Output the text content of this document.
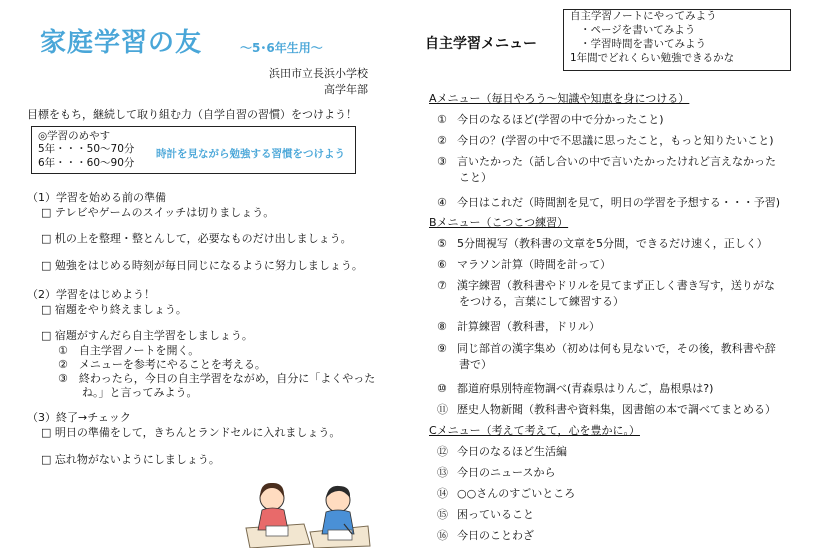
家庭学習の友	～5･6年生用～
浜田市立長浜小学校
高学年部
目標をもち，継続して取り組む力（自学自習の習慣）をつけよう！
◎学習のめやす
5年・・・50～70分
6年・・・60～90分
時計を見ながら勉強する習慣をつけよう
（1）学習を始める前の準備
□ テレビやゲームのスイッチは切りましょう。
□ 机の上を整理・整とんして，必要なものだけ出しましょう。
□ 勉強をはじめる時刻が毎日同じになるように努力しましょう。
（2）学習をはじめよう！
□ 宿題をやり終えましょう。
□ 宿題がすんだら自主学習をしましょう。
①　自主学習ノートを開く。
②　メニューを参考にやることを考える。
③　終わったら，今日の自主学習をながめ，自分に「よくやった
ね。」と言ってみよう。
（3）終了→チェック
□ 明日の準備をして，きちんとランドセルに入れましょう。
□ 忘れ物がないようにしましょう。
自主学習メニュー
自主学習ノートにやってみよう
・ページを書いてみよう
・学習時間を書いてみよう
1年間でどれくらい勉強できるかな
Aメニュー（毎日やろう～知識や知恵を身につける）
① 今日のなるほど(学習の中で分かったこと)
② 今日の？(学習の中で不思議に思ったこと，もっと知りたいこと)
③ 言いたかった（話し合いの中で言いたかったけれど言えなかった
こと）
④ 今日はこれだ（時間割を見て，明日の学習を予想する・・・予習)
Bメニュー（こつこつ練習）
⑤ 5分間視写（教科書の文章を5分間，できるだけ速く，正しく）
⑥ マラソン計算（時間を計って）
⑦ 漢字練習（教科書やドリルを見てまず正しく書き写す，送りがな
をつける，言葉にして練習する）
⑧ 計算練習（教科書，ドリル）
⑨ 同じ部首の漢字集め（初めは何も見ないで，その後，教科書や辞
書で）
⑩ 都道府県別特産物調べ(青森県はりんご，島根県は?)
⑪ 歴史人物新聞（教科書や資料集，図書館の本で調べてまとめる）
Cメニュー（考えて考えて，心を豊かに。）
⑫ 今日のなるほど生活編
⑬ 今日のニュースから
⑭ ○○さんのすごいところ
⑮ 困っていること
⑯ 今日のことわざ
